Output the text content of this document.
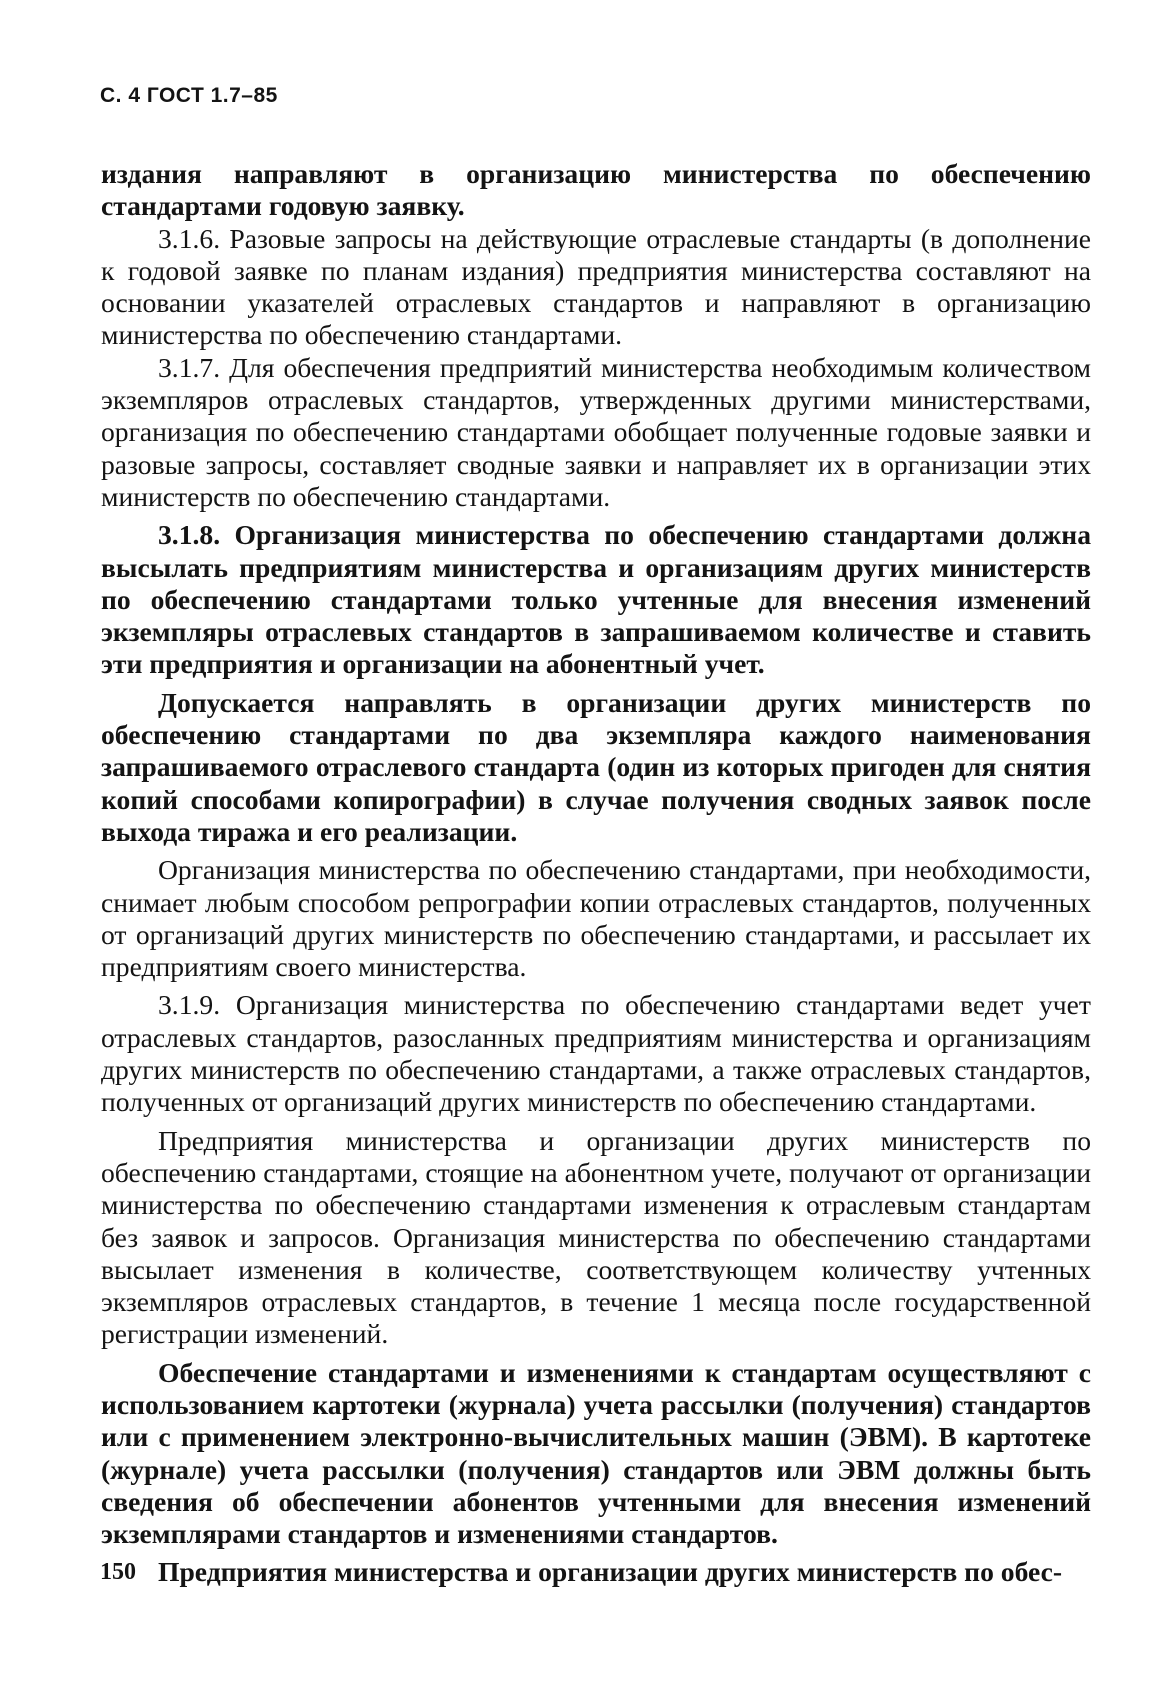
С. 4 ГОСТ 1.7–85

издания направляют в организацию министерства по обеспечению стандартами годовую заявку.

3.1.6. Разовые запросы на действующие отраслевые стандарты (в дополнение к годовой заявке по планам издания) предприятия министерства составляют на основании указателей отраслевых стандартов и направляют в организацию министерства по обеспечению стандартами.

3.1.7. Для обеспечения предприятий министерства необходимым количеством экземпляров отраслевых стандартов, утвержденных другими министерствами, организация по обеспечению стандартами обобщает полученные годовые заявки и разовые запросы, составляет сводные заявки и направляет их в организации этих министерств по обеспечению стандартами.

3.1.8. Организация министерства по обеспечению стандартами должна высылать предприятиям министерства и организациям других министерств по обеспечению стандартами только учтенные для внесения изменений экземпляры отраслевых стандартов в запрашиваемом количестве и ставить эти предприятия и организации на абонентный учет.

Допускается направлять в организации других министерств по обеспечению стандартами по два экземпляра каждого наименования запрашиваемого отраслевого стандарта (один из которых пригоден для снятия копий способами копирографии) в случае получения сводных заявок после выхода тиража и его реализации.

Организация министерства по обеспечению стандартами, при необходимости, снимает любым способом репрографии копии отраслевых стандартов, полученных от организаций других министерств по обеспечению стандартами, и рассылает их предприятиям своего министерства.

3.1.9. Организация министерства по обеспечению стандартами ведет учет отраслевых стандартов, разосланных предприятиям министерства и организациям других министерств по обеспечению стандартами, а также отраслевых стандартов, полученных от организаций других министерств по обеспечению стандартами.

Предприятия министерства и организации других министерств по обеспечению стандартами, стоящие на абонентном учете, получают от организации министерства по обеспечению стандартами изменения к отраслевым стандартам без заявок и запросов. Организация министерства по обеспечению стандартами высылает изменения в количестве, соответствующем количеству учтенных экземпляров отраслевых стандартов, в течение 1 месяца после государственной регистрации изменений.

Обеспечение стандартами и изменениями к стандартам осуществляют с использованием картотеки (журнала) учета рассылки (получения) стандартов или с применением электронно-вычислительных машин (ЭВМ). В картотеке (журнале) учета рассылки (получения) стандартов или ЭВМ должны быть сведения об обеспечении абонентов учтенными для внесения изменений экземплярами стандартов и изменениями стандартов.

Предприятия министерства и организации других министерств по обес-

150
